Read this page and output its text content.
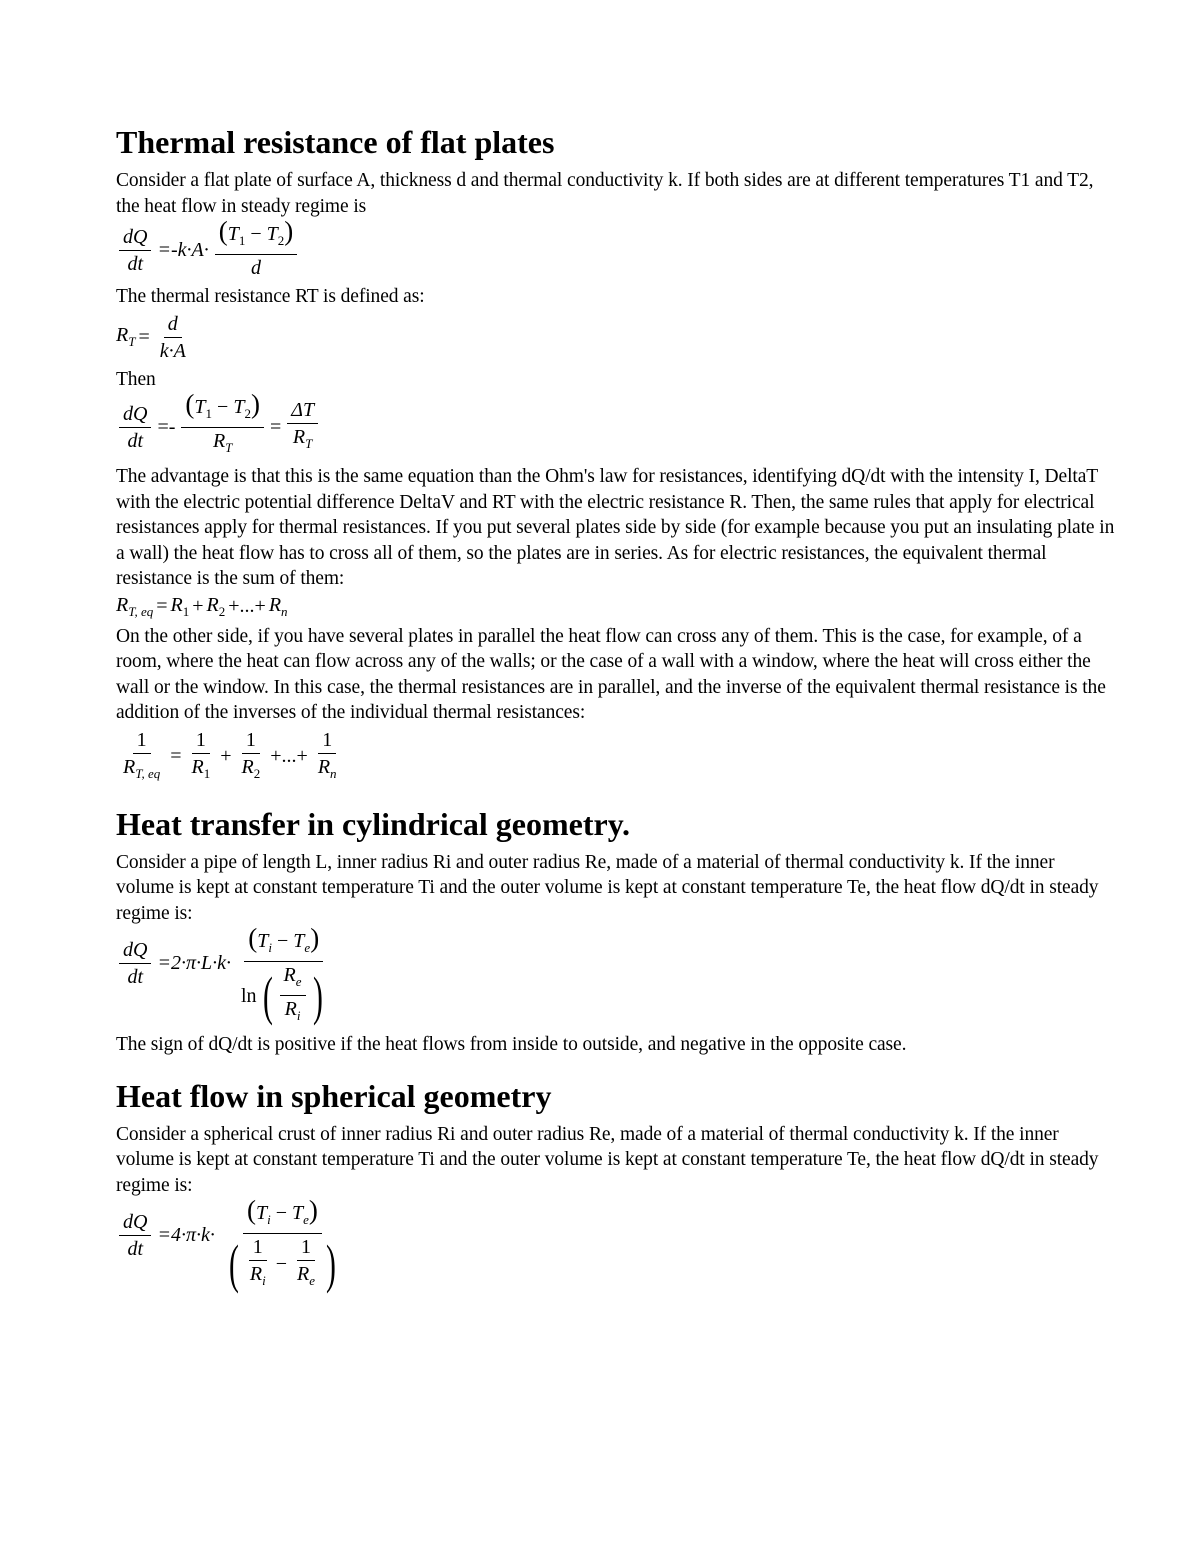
Thermal resistance of flat plates

Consider a flat plate of surface A, thickness d and thermal conductivity k. If both sides are at different temperatures T1 and T2, the heat flow in steady regime is

$\frac{dQ}{dt} =-k\cdot A\cdot \frac{(T_1 - T_2)}{d}$

The thermal resistance RT is defined as:

$R_T = \frac{d}{k\cdot A}$

Then

$\frac{dQ}{dt} =- \frac{(T_1 - T_2)}{R_T} = \frac{\Delta T}{R_T}$

The advantage is that this is the same equation than the Ohm's law for resistances, identifying dQ/dt with the intensity I, DeltaT with the electric potential difference DeltaV and RT with the electric resistance R. Then, the same rules that apply for electrical resistances apply for thermal resistances. If you put several plates side by side (for example because you put an insulating plate in a wall) the heat flow has to cross all of them, so the plates are in series. As for electric resistances, the equivalent thermal resistance is the sum of them:

$R_{T, eq} = R_1 + R_2$ +...+ $R_n$

On the other side, if you have several plates in parallel the heat flow can cross any of them. This is the case, for example, of a room, where the heat can flow across any of the walls; or the case of a wall with a window, where the heat will cross either the wall or the window. In this case, the thermal resistances are in parallel, and the inverse of the equivalent thermal resistance is the addition of the inverses of the individual thermal resistances:

$\frac{1}{R_{T, eq}} = \frac{1}{R_1} + \frac{1}{R_2}$ +...+ $\frac{1}{R_n}$
Heat transfer in cylindrical geometry.

Consider a pipe of length L, inner radius Ri and outer radius Re, made of a material of thermal conductivity k. If the inner volume is kept at constant temperature Ti and the outer volume is kept at constant temperature Te, the heat flow dQ/dt in steady regime is:

$\frac{dQ}{dt} =2\cdot\pi\cdot L\cdot k\cdot$
$(T_i - T_e)$
ln ( $\frac{R_e}{R_i}$ )

The sign of dQ/dt is positive if the heat flows from inside to outside, and negative in the opposite case.

Heat flow in spherical geometry

Consider a spherical crust of inner radius Ri and outer radius Re, made of a material of thermal conductivity k. If the inner volume is kept at constant temperature Ti and the outer volume is kept at constant temperature Te, the heat flow dQ/dt in steady regime is:

$\frac{dQ}{dt} =4\cdot\pi\cdot k\cdot$
$(T_i - T_e)$
( $\frac{1}{R_i} - \frac{1}{R_e}$ )
